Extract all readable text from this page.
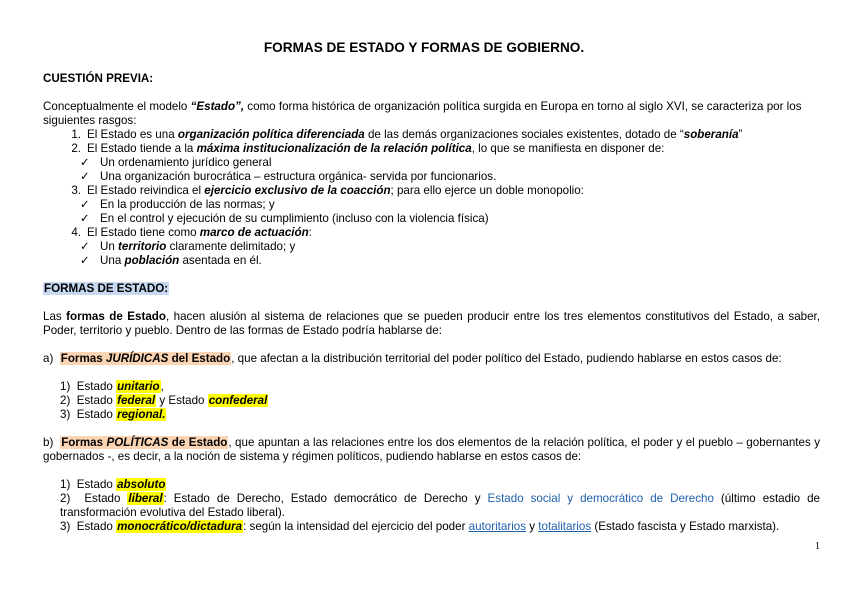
FORMAS DE ESTADO Y FORMAS DE GOBIERNO.
CUESTIÓN PREVIA:
Conceptualmente el modelo “Estado”, como forma histórica de organización política surgida en Europa en torno al siglo XVI, se caracteriza por los siguientes rasgos:
1. El Estado es una organización política diferenciada de las demás organizaciones sociales existentes, dotado de “soberanía”
2. El Estado tiende a la máxima institucionalización de la relación política, lo que se manifiesta en disponer de:
✓ Un ordenamiento jurídico general
✓ Una organización burocrática – estructura orgánica- servida por funcionarios.
3. El Estado reivindica el ejercicio exclusivo de la coacción; para ello ejerce un doble monopolio:
✓ En la producción de las normas; y
✓ En el control y ejecución de su cumplimiento (incluso con la violencia física)
4. El Estado tiene como marco de actuación:
✓ Un territorio claramente delimitado; y
✓ Una población asentada en él.
FORMAS DE ESTADO:
Las formas de Estado, hacen alusión al sistema de relaciones que se pueden producir entre los tres elementos constitutivos del Estado, a saber, Poder, territorio y pueblo. Dentro de las formas de Estado podría hablarse de:
a) Formas JURÍDICAS del Estado, que afectan a la distribución territorial del poder político del Estado, pudiendo hablarse en estos casos de:
1) Estado unitario,
2) Estado federal y Estado confederal
3) Estado regional.
b) Formas POLÍTICAS de Estado, que apuntan a las relaciones entre los dos elementos de la relación política, el poder y el pueblo – gobernantes y gobernados -, es decir, a la noción de sistema y régimen políticos, pudiendo hablarse en estos casos de:
1) Estado absoluto
2) Estado liberal: Estado de Derecho, Estado democrático de Derecho y Estado social y democrático de Derecho (último estadio de transformación evolutiva del Estado liberal).
3) Estado monocrático/dictadura: según la intensidad del ejercicio del poder autoritarios y totalitarios (Estado fascista y Estado marxista).
1
